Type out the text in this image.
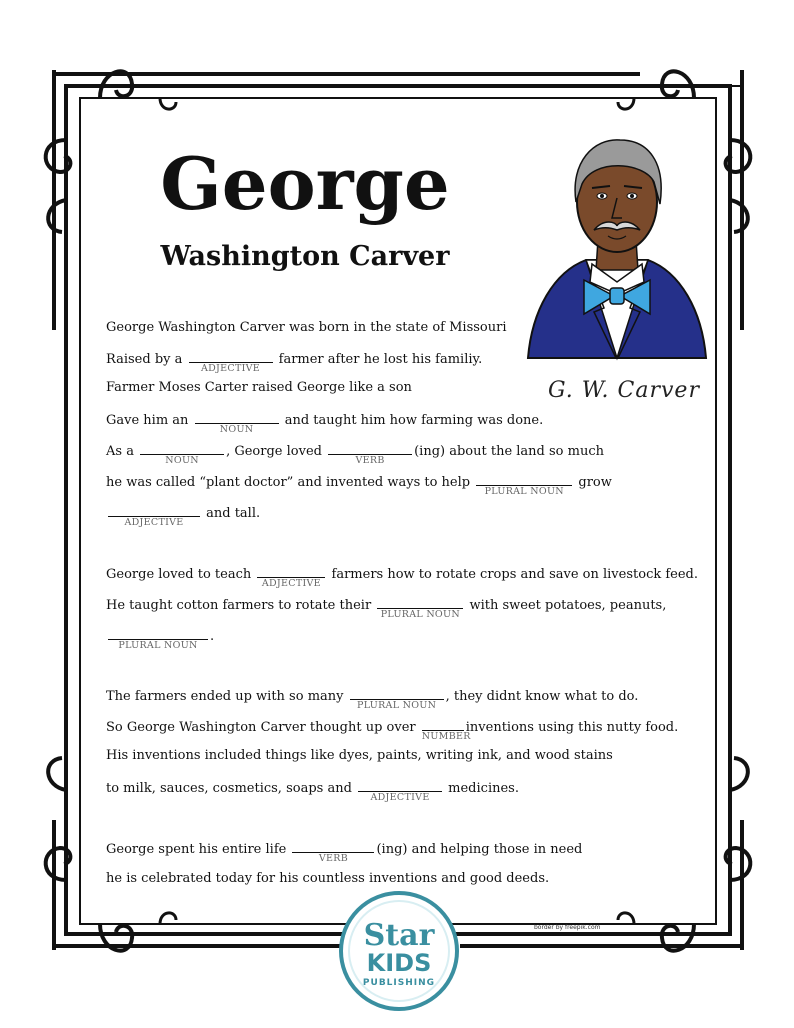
George
Washington Carver
G. W. Carver
George Washington Carver was born in the state of Missouri
Raised by a
ADJECTIVE
farmer after he lost his familiy.
Farmer Moses Carter raised George like a son
Gave him an
NOUN
and taught him how farming was done.
As a
NOUN
, George loved
VERB
(ing) about the land so much
he was called “plant doctor” and invented ways to help
PLURAL NOUN
grow
ADJECTIVE
and tall.
George loved to teach
ADJECTIVE
farmers how to rotate crops and save on livestock feed.
He taught cotton farmers to rotate their
PLURAL NOUN
with sweet potatoes, peanuts,
PLURAL NOUN
.
The farmers ended up with so many
PLURAL NOUN
, they didnt know what to do.
So George Washington Carver thought up over
NUMBER
inventions using this nutty food.
His inventions included things like dyes, paints, writing ink, and wood stains
to milk, sauces, cosmetics, soaps and
ADJECTIVE
medicines.
George spent his entire life
VERB
(ing) and helping those in need
he is celebrated today for his countless inventions and good deeds.
border by freepik.com
Star
KIDS
PUBLISHING
